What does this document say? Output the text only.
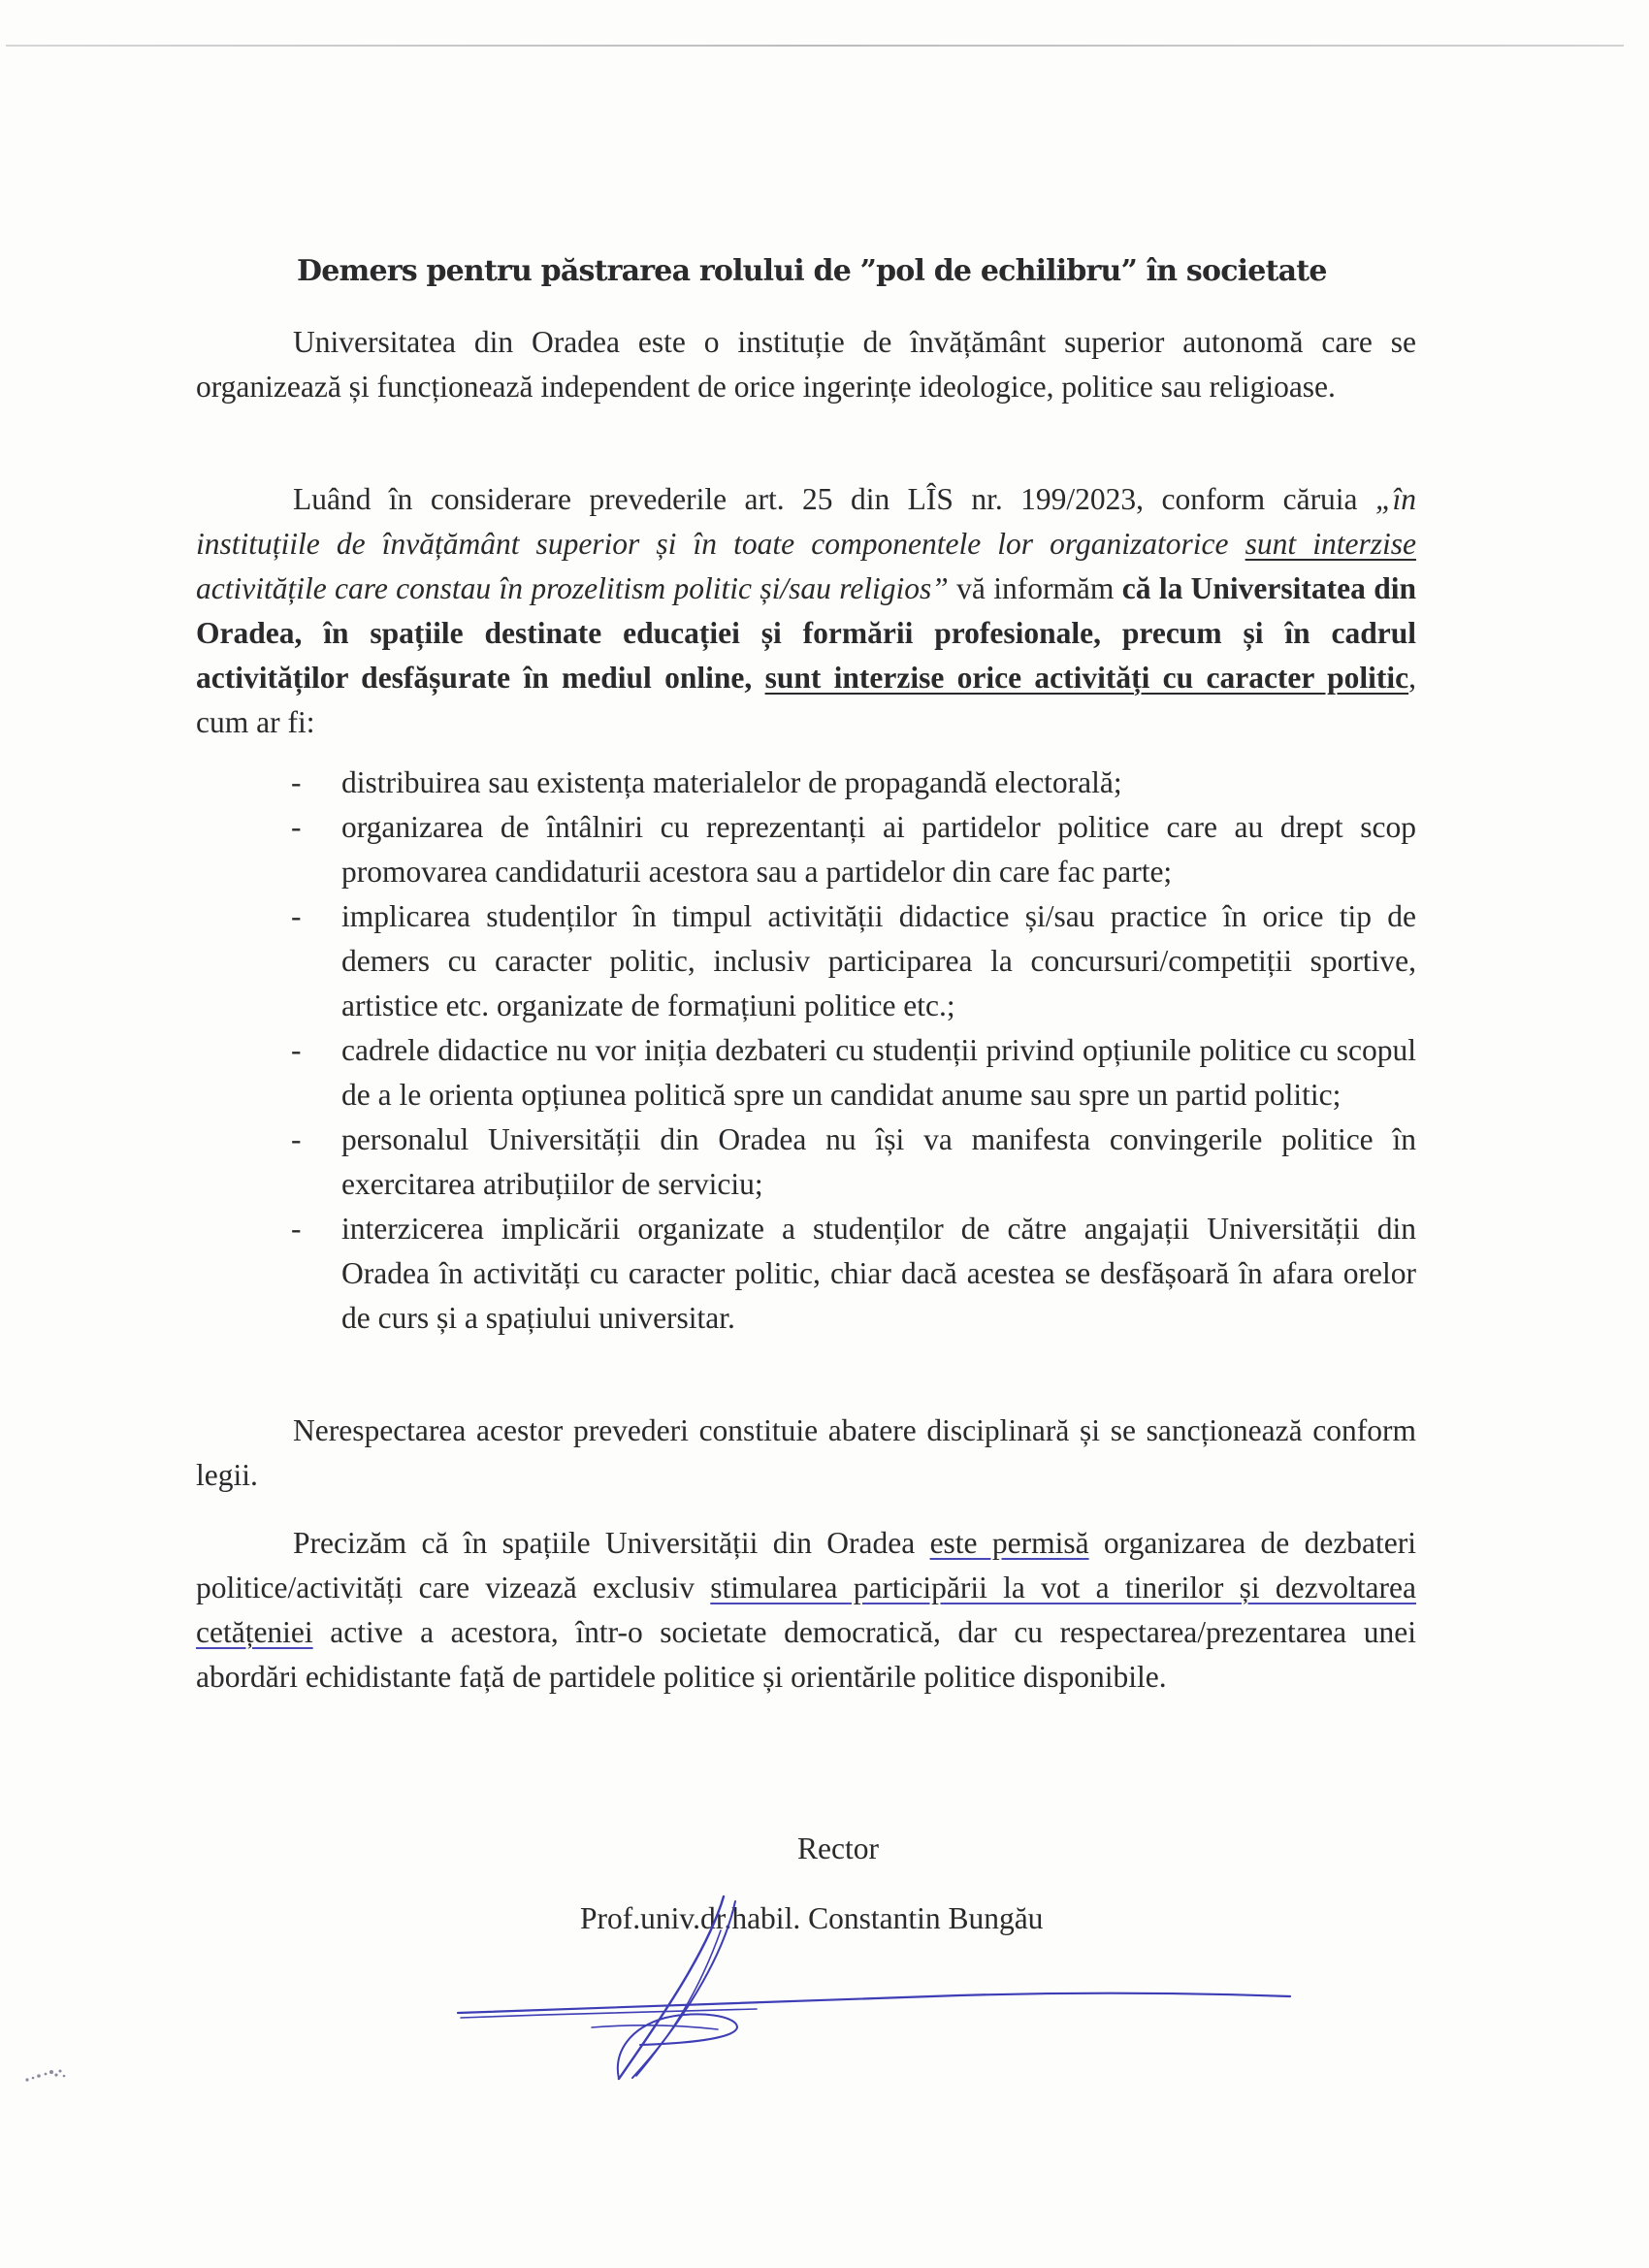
Demers pentru păstrarea rolului de ”pol de echilibru” în societate

Universitatea din Oradea este o instituție de învățământ superior autonomă care se organizează și funcționează independent de orice ingerințe ideologice, politice sau religioase.

Luând în considerare prevederile art. 25 din LÎS nr. 199/2023, conform căruia „în instituțiile de învățământ superior și în toate componentele lor organizatorice sunt interzise activitățile care constau în prozelitism politic și/sau religios” vă informăm că la Universitatea din Oradea, în spațiile destinate educației și formării profesionale, precum și în cadrul activităților desfășurate în mediul online, sunt interzise orice activități cu caracter politic, cum ar fi:

- distribuirea sau existența materialelor de propagandă electorală;
- organizarea de întâlniri cu reprezentanți ai partidelor politice care au drept scop promovarea candidaturii acestora sau a partidelor din care fac parte;
- implicarea studenților în timpul activității didactice și/sau practice în orice tip de demers cu caracter politic, inclusiv participarea la concursuri/competiții sportive, artistice etc. organizate de formațiuni politice etc.;
- cadrele didactice nu vor iniția dezbateri cu studenții privind opțiunile politice cu scopul de a le orienta opțiunea politică spre un candidat anume sau spre un partid politic;
- personalul Universității din Oradea nu își va manifesta convingerile politice în exercitarea atribuțiilor de serviciu;
- interzicerea implicării organizate a studenților de către angajații Universității din Oradea în activități cu caracter politic, chiar dacă acestea se desfășoară în afara orelor de curs și a spațiului universitar.

Nerespectarea acestor prevederi constituie abatere disciplinară și se sancționează conform legii.

Precizăm că în spațiile Universității din Oradea este permisă organizarea de dezbateri politice/activități care vizează exclusiv stimularea participării la vot a tinerilor și dezvoltarea cetățeniei active a acestora, într-o societate democratică, dar cu respectarea/prezentarea unei abordări echidistante față de partidele politice și orientările politice disponibile.

Rector

Prof.univ.dr.habil. Constantin Bungău
